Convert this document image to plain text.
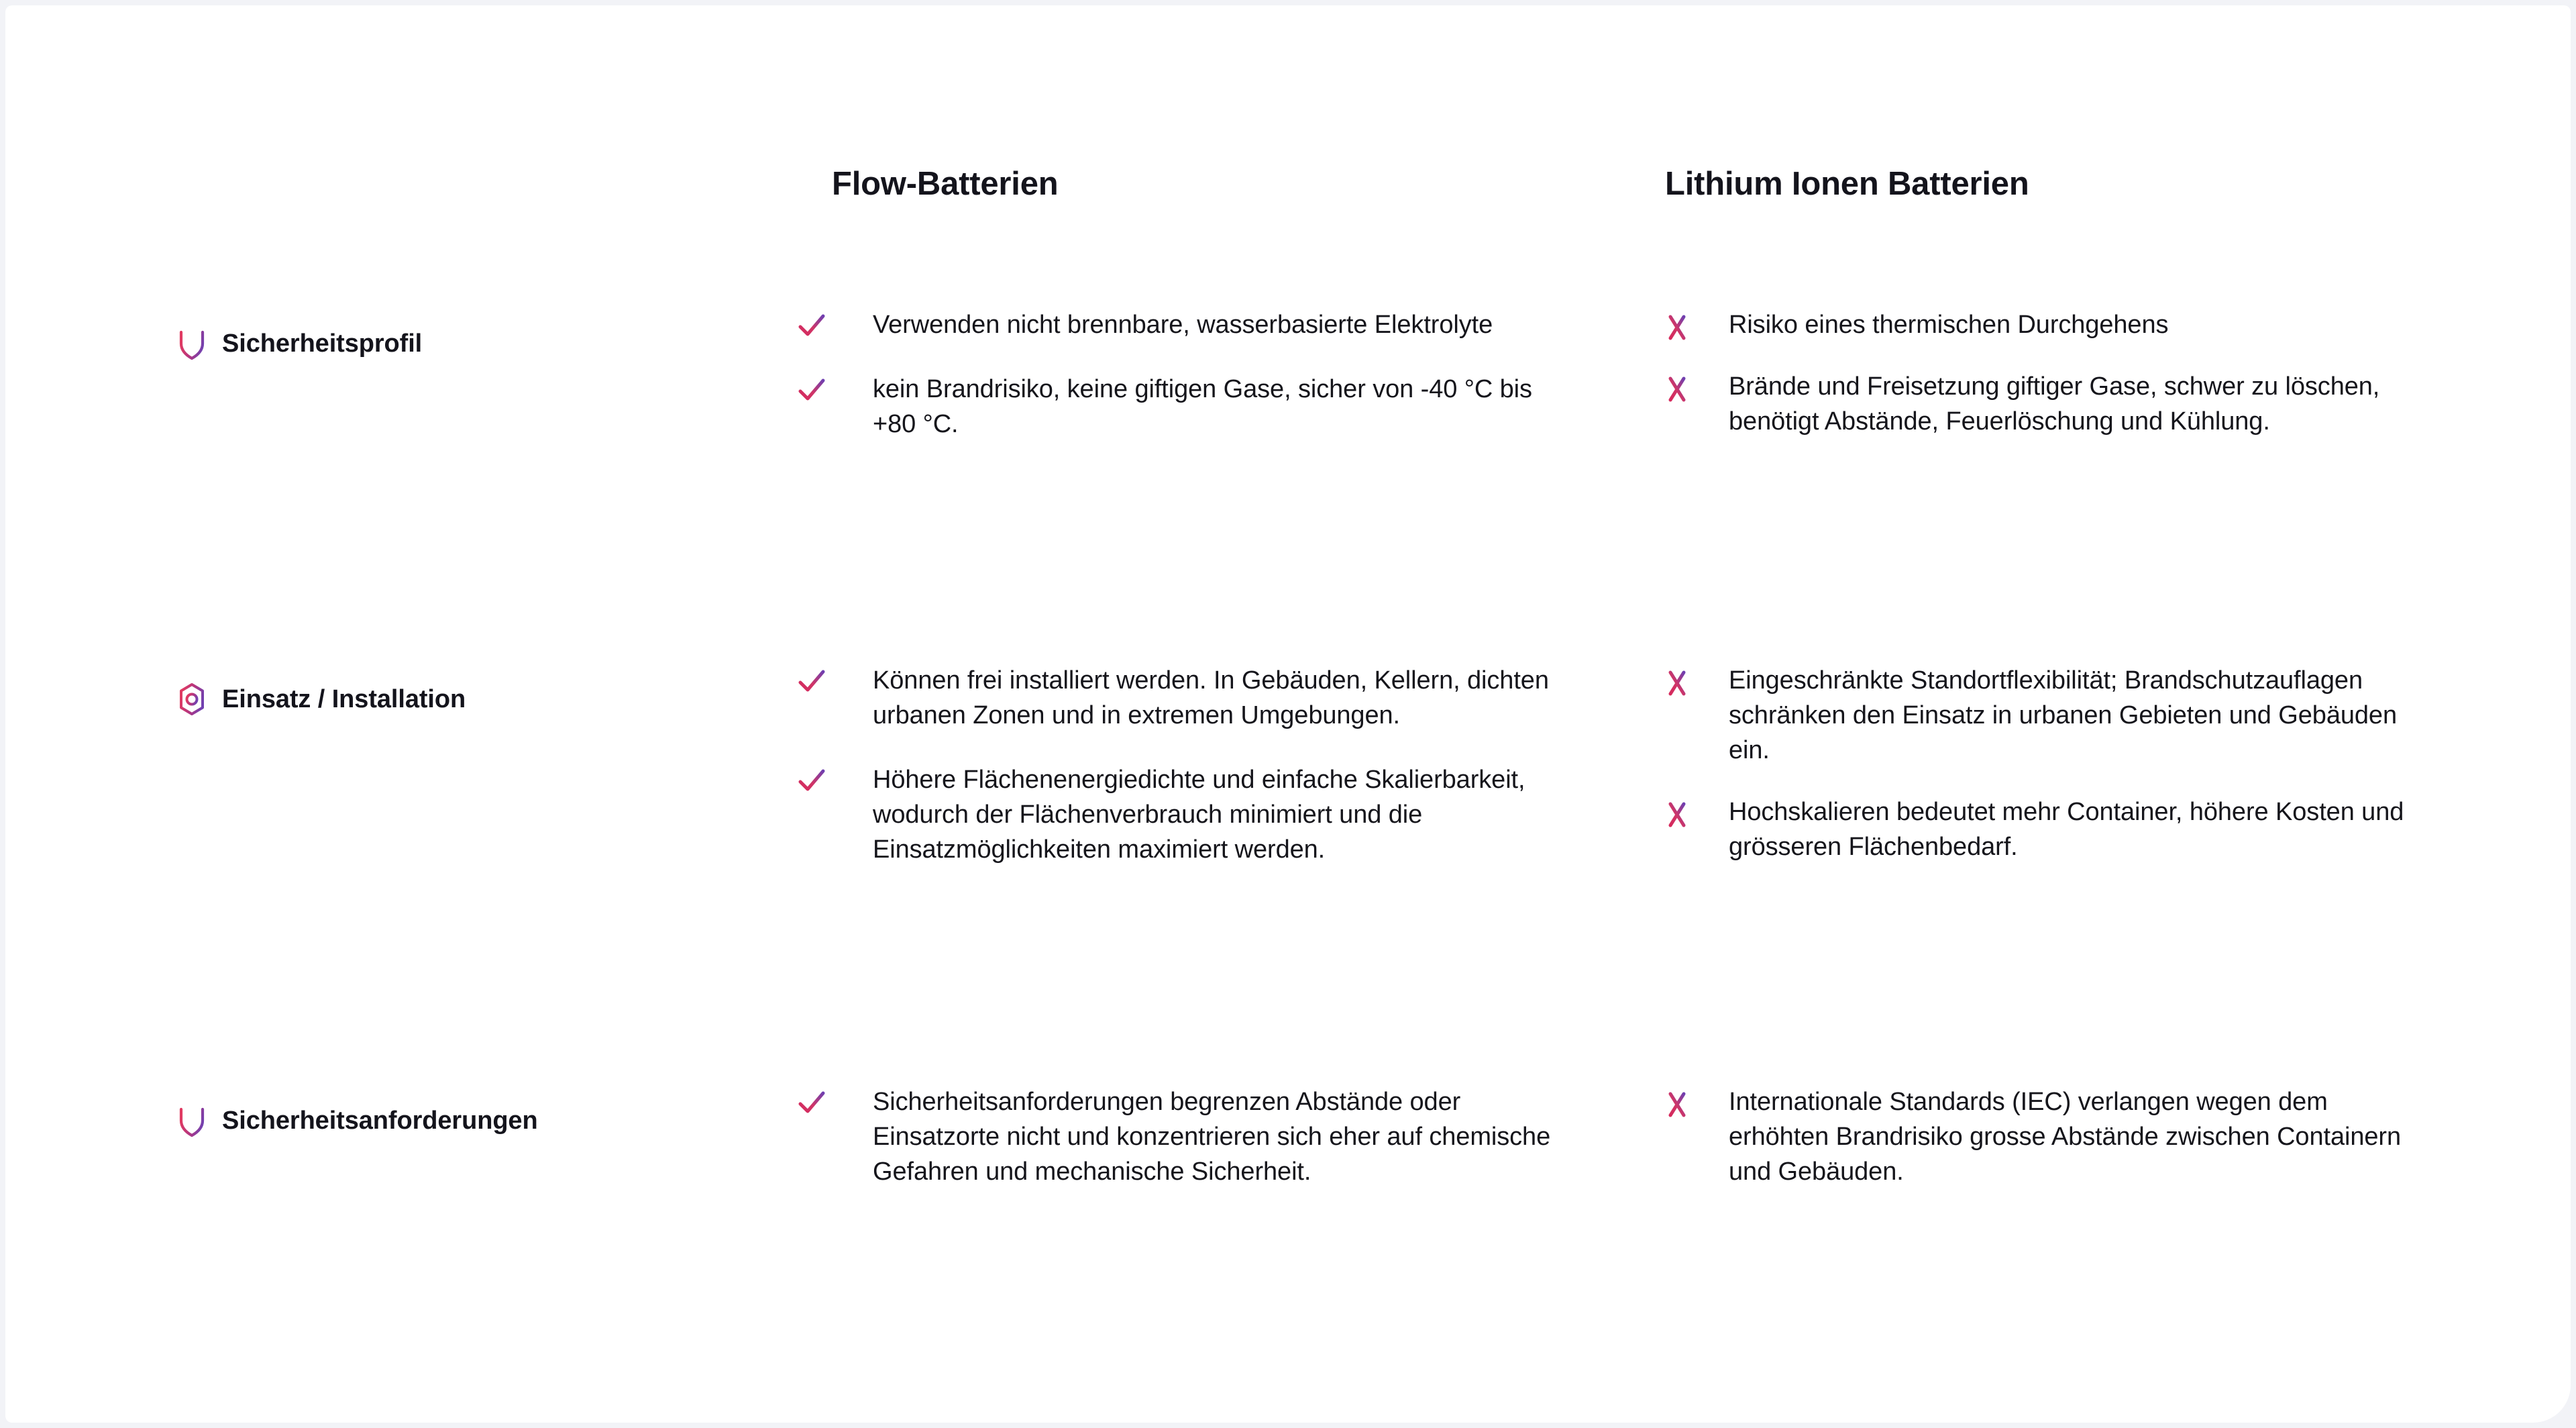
Flow-Batterien	Lithium Ionen Batterien
Sicherheitsprofil
Verwenden nicht brennbare, wasserbasierte Elektrolyte
kein Brandrisiko, keine giftigen Gase, sicher von -40 °C bis +80 °C.
Risiko eines thermischen Durchgehens
Brände und Freisetzung giftiger Gase, schwer zu löschen, benötigt Abstände, Feuerlöschung und Kühlung.
Einsatz / Installation
Können frei installiert werden. In Gebäuden, Kellern, dichten urbanen Zonen und in extremen Umgebungen.
Höhere Flächenenergiedichte und einfache Skalierbarkeit, wodurch der Flächenverbrauch minimiert und die Einsatzmöglichkeiten maximiert werden.
Eingeschränkte Standortflexibilität; Brandschutzauflagen schränken den Einsatz in urbanen Gebieten und Gebäuden ein.
Hochskalieren bedeutet mehr Container, höhere Kosten und grösseren Flächenbedarf.
Sicherheitsanforderungen
Sicherheitsanforderungen begrenzen Abstände oder Einsatzorte nicht und konzentrieren sich eher auf chemische Gefahren und mechanische Sicherheit.
Internationale Standards (IEC) verlangen wegen dem erhöhten Brandrisiko grosse Abstände zwischen Containern und Gebäuden.
